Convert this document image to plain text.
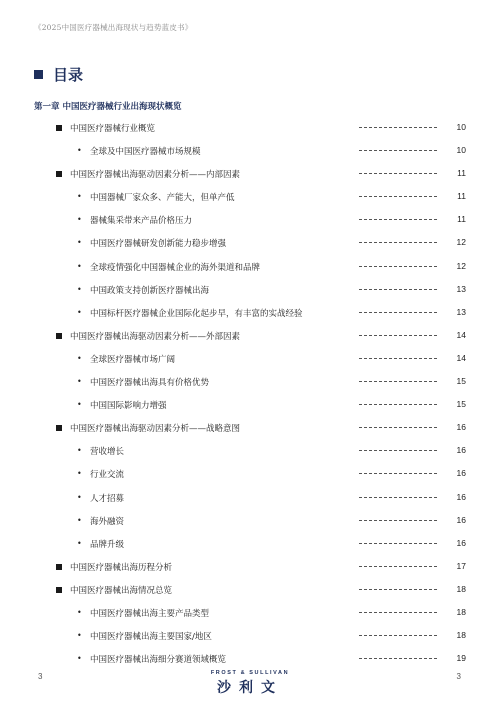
《2025中国医疗器械出海现状与趋势蓝皮书》
目录
第一章 中国医疗器械行业出海现状概览
中国医疗器械行业概览	10
• 全球及中国医疗器械市场规模	10
中国医疗器械出海驱动因素分析——内部因素	11
• 中国器械厂家众多、产能大，但单产低	11
• 器械集采带来产品价格压力	11
• 中国医疗器械研发创新能力稳步增强	12
• 全球疫情强化中国器械企业的海外渠道和品牌	12
• 中国政策支持创新医疗器械出海	13
• 中国标杆医疗器械企业国际化起步早，有丰富的实战经验	13
中国医疗器械出海驱动因素分析——外部因素	14
• 全球医疗器械市场广阔	14
• 中国医疗器械出海具有价格优势	15
• 中国国际影响力增强	15
中国医疗器械出海驱动因素分析——战略意图	16
• 营收增长	16
• 行业交流	16
• 人才招募	16
• 海外融资	16
• 品牌升级	16
中国医疗器械出海历程分析	17
中国医疗器械出海情况总览	18
• 中国医疗器械出海主要产品类型	18
• 中国医疗器械出海主要国家/地区	18
• 中国医疗器械出海细分赛道领域概览	19
3	FROST & SULLIVAN
沙利文
3
